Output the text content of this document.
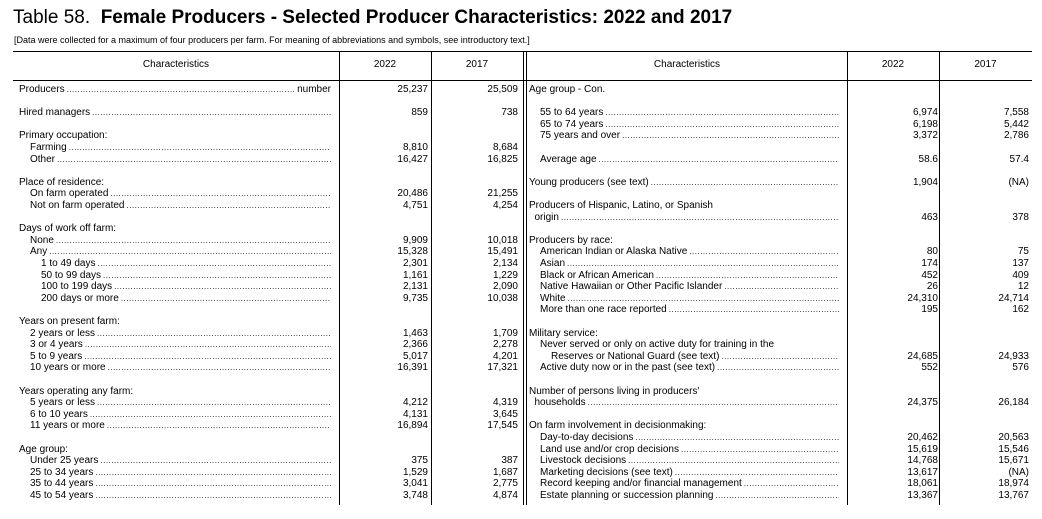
Table 58. Female Producers - Selected Producer Characteristics: 2022 and 2017
[Data were collected for a maximum of four producers per farm. For meaning of abbreviations and symbols, see introductory text.]
Characteristics	2022	2017	Characteristics	2022	2017
Producers .....	number	25,237	25,509
Hired managers .....	859	738
Primary occupation:
Farming .....	8,810	8,684
Other .....	16,427	16,825
Place of residence:
On farm operated .....	20,486	21,255
Not on farm operated .....	4,751	4,254
Days of work off farm:
None .....	9,909	10,018
Any .....	15,328	15,491
1 to 49 days .....	2,301	2,134
50 to 99 days .....	1,161	1,229
100 to 199 days .....	2,131	2,090
200 days or more .....	9,735	10,038
Years on present farm:
2 years or less .....	1,463	1,709
3 or 4 years .....	2,366	2,278
5 to 9 years .....	5,017	4,201
10 years or more .....	16,391	17,321
Years operating any farm:
5 years or less .....	4,212	4,319
6 to 10 years .....	4,131	3,645
11 years or more .....	16,894	17,545
Age group:
Under 25 years .....	375	387
25 to 34 years .....	1,529	1,687
35 to 44 years .....	3,041	2,775
45 to 54 years .....	3,748	4,874
Age group - Con.
55 to 64 years .....	6,974	7,558
65 to 74 years .....	6,198	5,442
75 years and over .....	3,372	2,786
Average age .....	58.6	57.4
Young producers (see text) .....	1,904	(NA)
Producers of Hispanic, Latino, or Spanish
origin .....	463	378
Producers by race:
American Indian or Alaska Native .....	80	75
Asian .....	174	137
Black or African American .....	452	409
Native Hawaiian or Other Pacific Islander .....	26	12
White .....	24,310	24,714
More than one race reported .....	195	162
Military service:
Never served or only on active duty for training in the
Reserves or National Guard (see text) .....	24,685	24,933
Active duty now or in the past (see text) .....	552	576
Number of persons living in producers'
households .....	24,375	26,184
On farm involvement in decisionmaking:
Day-to-day decisions .....	20,462	20,563
Land use and/or crop decisions .....	15,619	15,546
Livestock decisions .....	14,768	15,671
Marketing decisions (see text) .....	13,617	(NA)
Record keeping and/or financial management .....	18,061	18,974
Estate planning or succession planning .....	13,367	13,767
